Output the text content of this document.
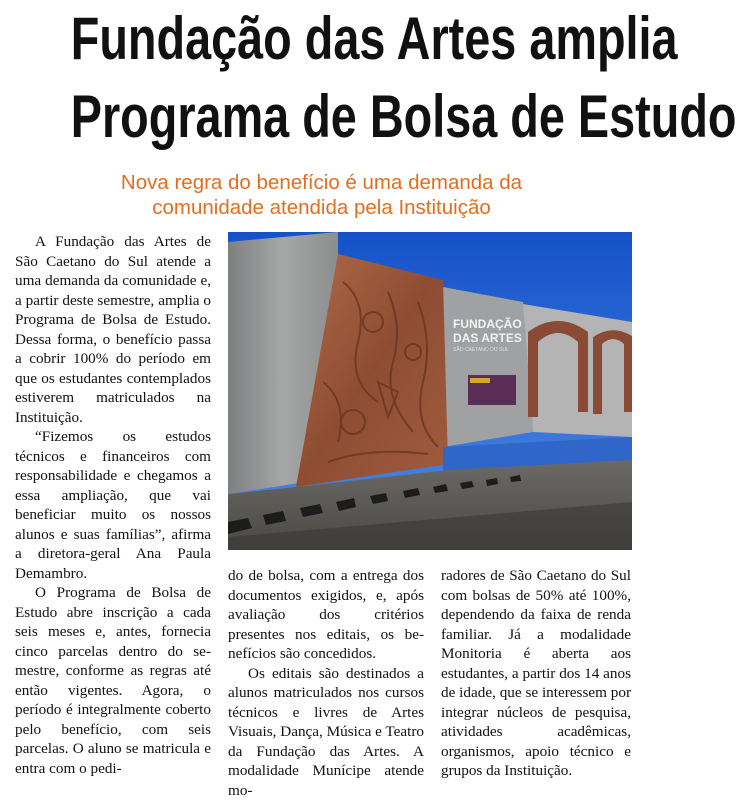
Fundação das Artes amplia
Programa de Bolsa de Estudo
Nova regra do benefício é uma demanda da
comunidade atendida pela Instituição

A Fundação das Artes de São Caetano do Sul atende a uma demanda da comunidade e, a partir deste semestre, amplia o Programa de Bolsa de Estudo. Dessa forma, o benefício passa a cobrir 100% do período em que os estudantes contemplados estiverem matriculados na Instituição.

“Fizemos os estudos técnicos e financeiros com responsabilidade e chegamos a essa ampliação, que vai beneficiar muito os nossos alunos e suas famílias”, afirma a diretora-geral Ana Paula Demambro.

O Programa de Bolsa de Estudo abre inscrição a cada seis meses e, antes, fornecia cinco parcelas dentro do semestre, conforme as regras até então vigentes. Agora, o período é integralmente coberto pelo benefício, com seis parcelas. O aluno se matricula e entra com o pedi-

FUNDAÇÃO
DAS ARTES
SÃO CAETANO DO SUL

do de bolsa, com a entrega dos documentos exigidos, e, após avaliação dos critérios presentes nos editais, os benefícios são concedidos.

Os editais são destinados a alunos matriculados nos cursos técnicos e livres de Artes Visuais, Dança, Música e Teatro da Fundação das Artes. A modalidade Munícipe atende mo-

radores de São Caetano do Sul com bolsas de 50% até 100%, dependendo da faixa de renda familiar. Já a modalidade Monitoria é aberta aos estudantes, a partir dos 14 anos de idade, que se interessem por integrar núcleos de pesquisa, atividades acadêmicas, organismos, apoio técnico e grupos da Instituição.
